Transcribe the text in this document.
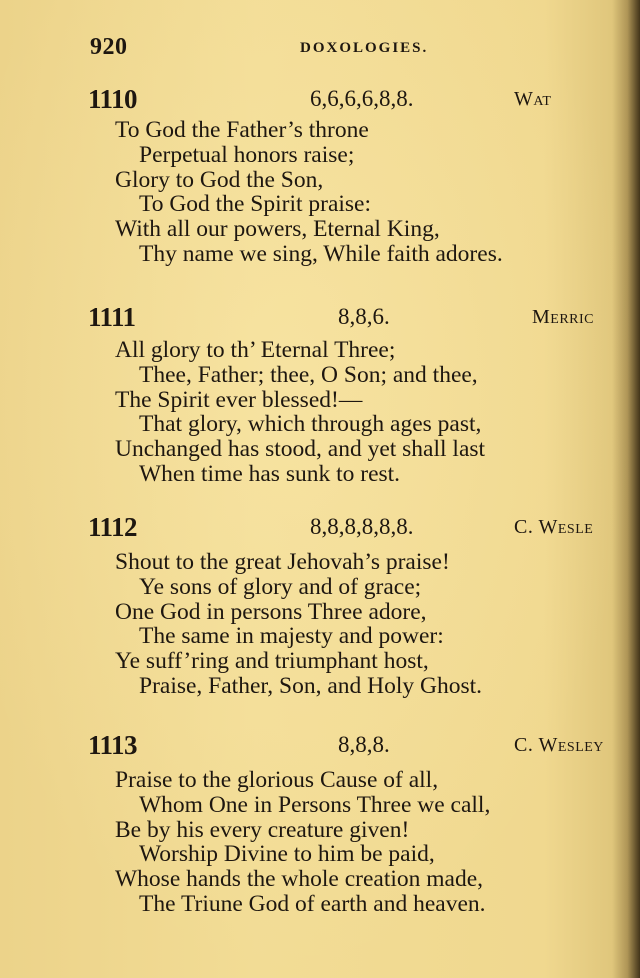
920	DOXOLOGIES.
1110	6,6,6,6,8,8.	Wat
To God the Father’s throne
Perpetual honors raise;
Glory to God the Son,
To God the Spirit praise:
With all our powers, Eternal King,
Thy name we sing, While faith adores.
1111	8,8,6.	Merric
All glory to th’ Eternal Three;
Thee, Father; thee, O Son; and thee,
The Spirit ever blessed!—
That glory, which through ages past,
Unchanged has stood, and yet shall last
When time has sunk to rest.
1112	8,8,8,8,8,8.	C. Wesle
Shout to the great Jehovah’s praise!
Ye sons of glory and of grace;
One God in persons Three adore,
The same in majesty and power:
Ye suff’ring and triumphant host,
Praise, Father, Son, and Holy Ghost.
1113	8,8,8.	C. Wesley
Praise to the glorious Cause of all,
Whom One in Persons Three we call,
Be by his every creature given!
Worship Divine to him be paid,
Whose hands the whole creation made,
The Triune God of earth and heaven.
